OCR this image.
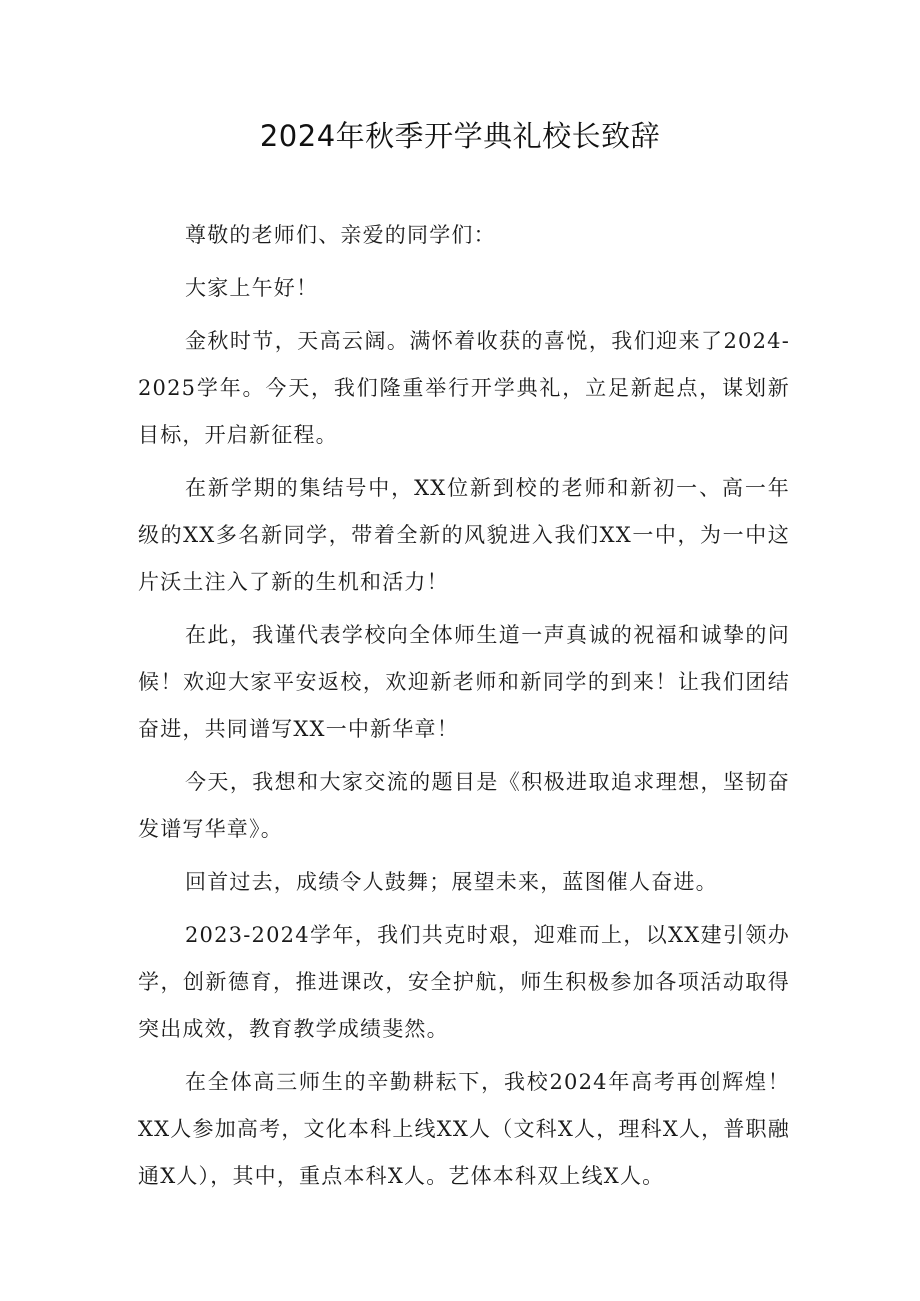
2024年秋季开学典礼校长致辞

尊敬的老师们、亲爱的同学们：

大家上午好！

金秋时节，天高云阔。满怀着收获的喜悦，我们迎来了2024-2025学年。今天，我们隆重举行开学典礼，立足新起点，谋划新目标，开启新征程。

在新学期的集结号中，XX位新到校的老师和新初一、高一年级的XX多名新同学，带着全新的风貌进入我们XX一中，为一中这片沃土注入了新的生机和活力！

在此，我谨代表学校向全体师生道一声真诚的祝福和诚挚的问候！欢迎大家平安返校，欢迎新老师和新同学的到来！让我们团结奋进，共同谱写XX一中新华章！

今天，我想和大家交流的题目是《积极进取追求理想，坚韧奋发谱写华章》。

回首过去，成绩令人鼓舞；展望未来，蓝图催人奋进。

2023-2024学年，我们共克时艰，迎难而上，以XX建引领办学，创新德育，推进课改，安全护航，师生积极参加各项活动取得突出成效，教育教学成绩斐然。

在全体高三师生的辛勤耕耘下，我校2024年高考再创辉煌！XX人参加高考，文化本科上线XX人（文科X人，理科X人，普职融通X人），其中，重点本科X人。艺体本科双上线X人。
